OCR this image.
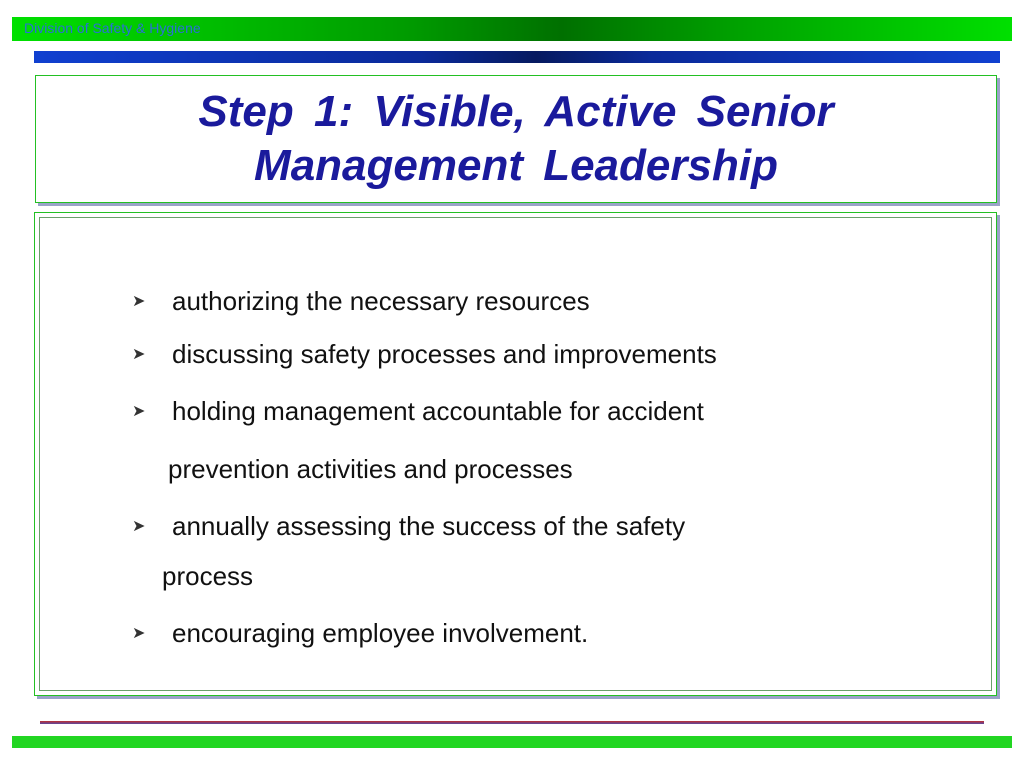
Division of Safety & Hygiene
Step 1: Visible, Active Senior
Management Leadership
➤ authorizing the necessary resources
➤ discussing safety processes and improvements
➤ holding management accountable for accident
prevention activities and processes
➤ annually assessing the success of the safety
process
➤ encouraging employee involvement.
